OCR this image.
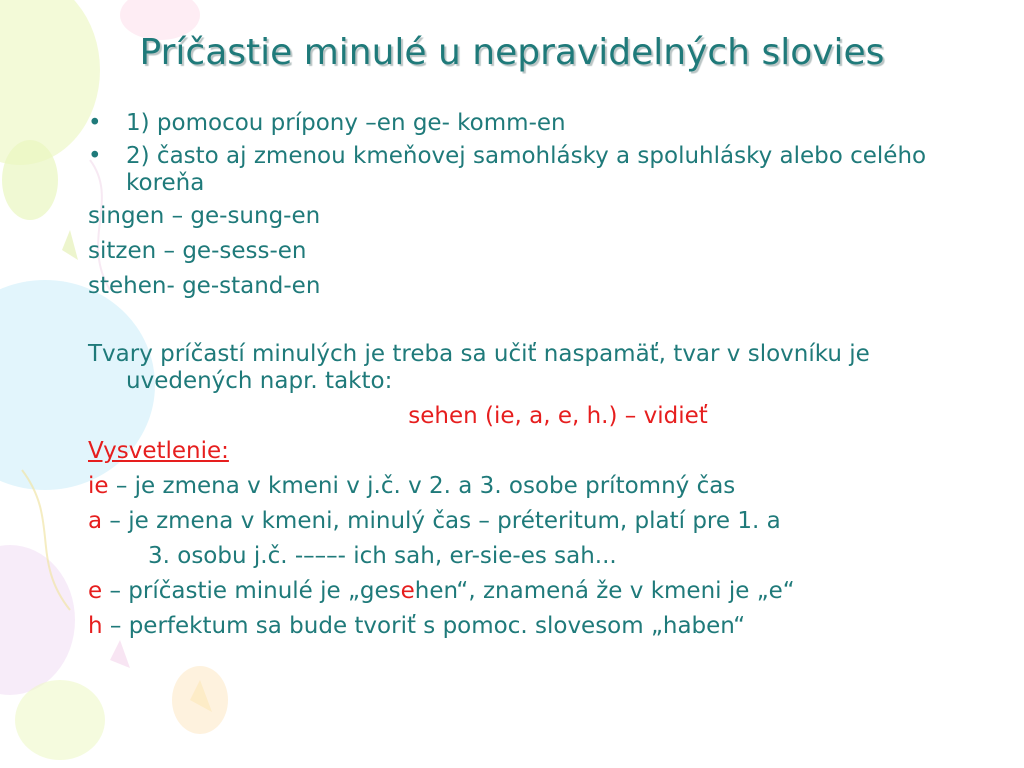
Príčastie minulé u nepravidelných slovies
• 1) pomocou prípony –en ge- komm-en
• 2) často aj zmenou kmeňovej samohlásky a spoluhlásky alebo celého koreňa
singen – ge-sung-en
sitzen – ge-sess-en
stehen- ge-stand-en
Tvary príčastí minulých je treba sa učiť naspamäť, tvar v slovníku je uvedených napr. takto:
sehen (ie, a, e, h.) – vidieť
Vysvetlenie:
ie – je zmena v kmeni v j.č. v 2. a 3. osobe prítomný čas
a – je zmena v kmeni, minulý čas – préteritum, platí pre 1. a
3. osobu j.č. -–––- ich sah, er-sie-es sah...
e – príčastie minulé je „gesehen“, znamená že v kmeni je „e“
h – perfektum sa bude tvoriť s pomoc. slovesom „haben“
